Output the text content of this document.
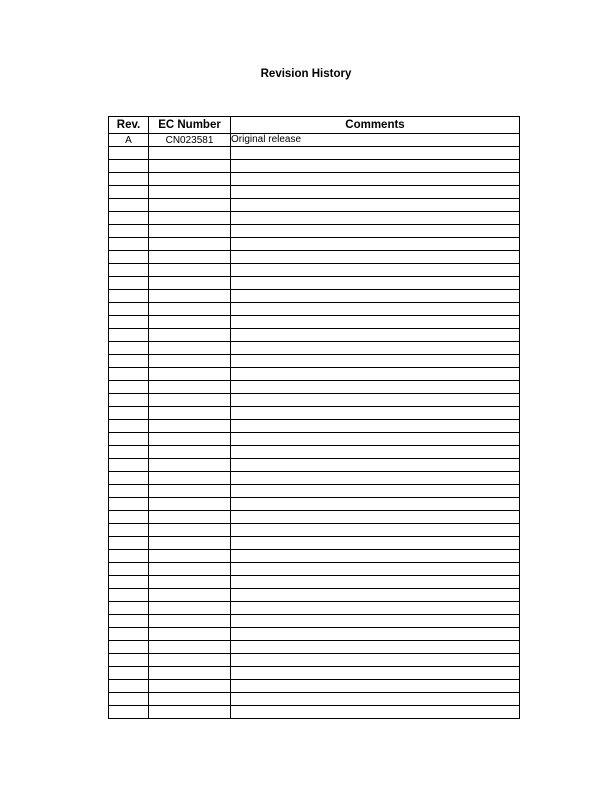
Revision History
Rev.	EC Number	Comments
A	CN023581	Original release
